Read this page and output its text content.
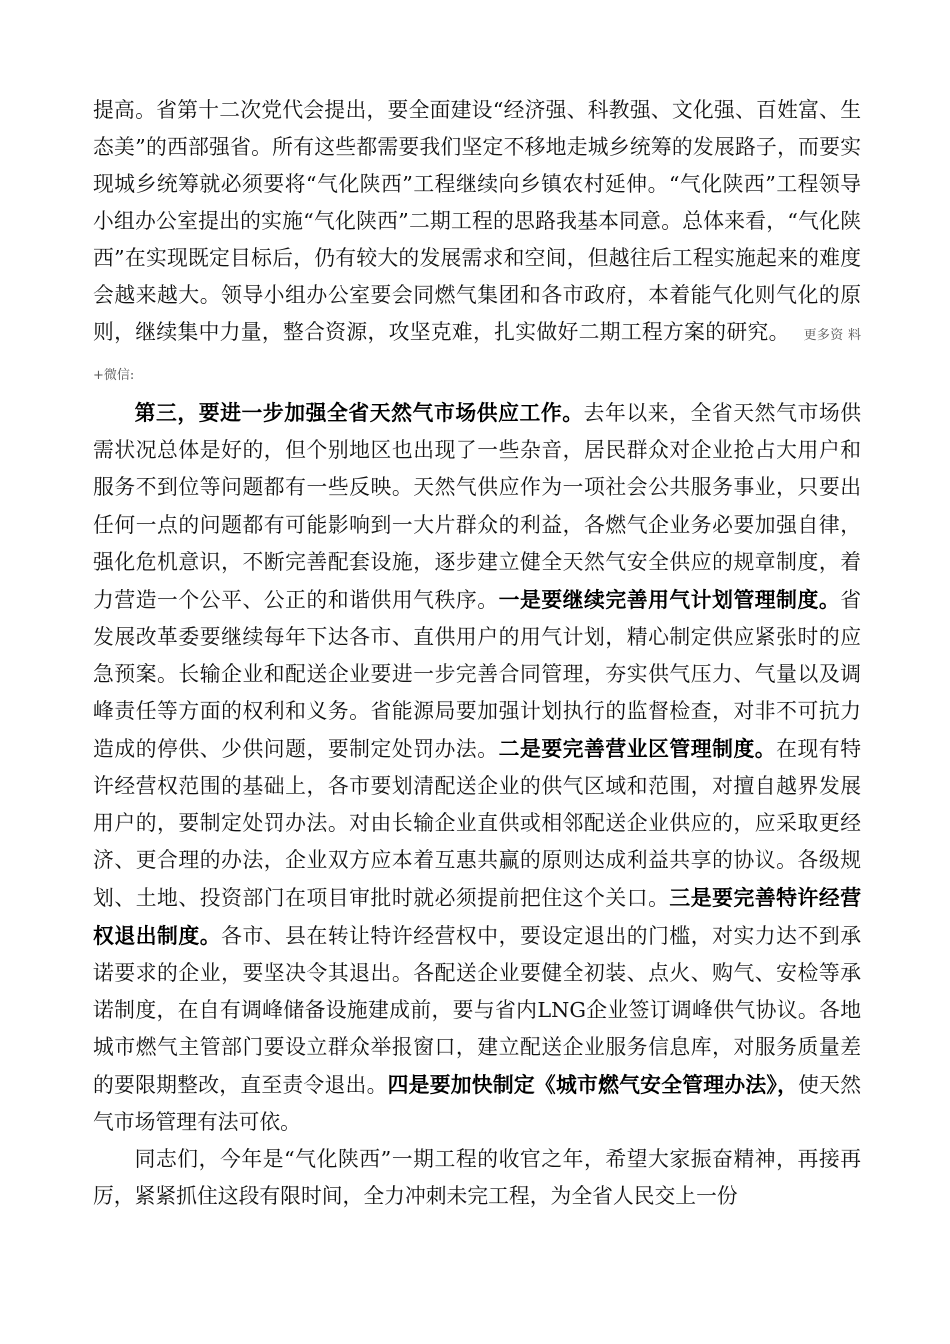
提高。省第十二次党代会提出，要全面建设“经济强、科教强、文化强、百姓富、生态美”的西部强省。所有这些都需要我们坚定不移地走城乡统筹的发展路子，而要实现城乡统筹就必须要将“气化陕西”工程继续向乡镇农村延伸。“气化陕西”工程领导小组办公室提出的实施“气化陕西”二期工程的思路我基本同意。总体来看，“气化陕西”在实现既定目标后，仍有较大的发展需求和空间，但越往后工程实施起来的难度会越来越大。领导小组办公室要会同燃气集团和各市政府，本着能气化则气化的原则，继续集中力量，整合资源，攻坚克难，扎实做好二期工程方案的研究。 更多资 料+微信:

第三，要进一步加强全省天然气市场供应工作。去年以来，全省天然气市场供需状况总体是好的，但个别地区也出现了一些杂音，居民群众对企业抢占大用户和服务不到位等问题都有一些反映。天然气供应作为一项社会公共服务事业，只要出任何一点的问题都有可能影响到一大片群众的利益，各燃气企业务必要加强自律，强化危机意识，不断完善配套设施，逐步建立健全天然气安全供应的规章制度，着力营造一个公平、公正的和谐供用气秩序。一是要继续完善用气计划管理制度。省发展改革委要继续每年下达各市、直供用户的用气计划，精心制定供应紧张时的应急预案。长输企业和配送企业要进一步完善合同管理，夯实供气压力、气量以及调峰责任等方面的权利和义务。省能源局要加强计划执行的监督检查，对非不可抗力造成的停供、少供问题，要制定处罚办法。二是要完善营业区管理制度。在现有特许经营权范围的基础上，各市要划清配送企业的供气区域和范围，对擅自越界发展用户的，要制定处罚办法。对由长输企业直供或相邻配送企业供应的，应采取更经济、更合理的办法，企业双方应本着互惠共赢的原则达成利益共享的协议。各级规划、土地、投资部门在项目审批时就必须提前把住这个关口。三是要完善特许经营权退出制度。各市、县在转让特许经营权中，要设定退出的门槛，对实力达不到承诺要求的企业，要坚决令其退出。各配送企业要健全初装、点火、购气、安检等承诺制度，在自有调峰储备设施建成前，要与省内LNG企业签订调峰供气协议。各地城市燃气主管部门要设立群众举报窗口，建立配送企业服务信息库，对服务质量差的要限期整改，直至责令退出。四是要加快制定《城市燃气安全管理办法》，使天然气市场管理有法可依。

同志们，今年是“气化陕西”一期工程的收官之年，希望大家振奋精神，再接再厉，紧紧抓住这段有限时间，全力冲刺未完工程，为全省人民交上一份
